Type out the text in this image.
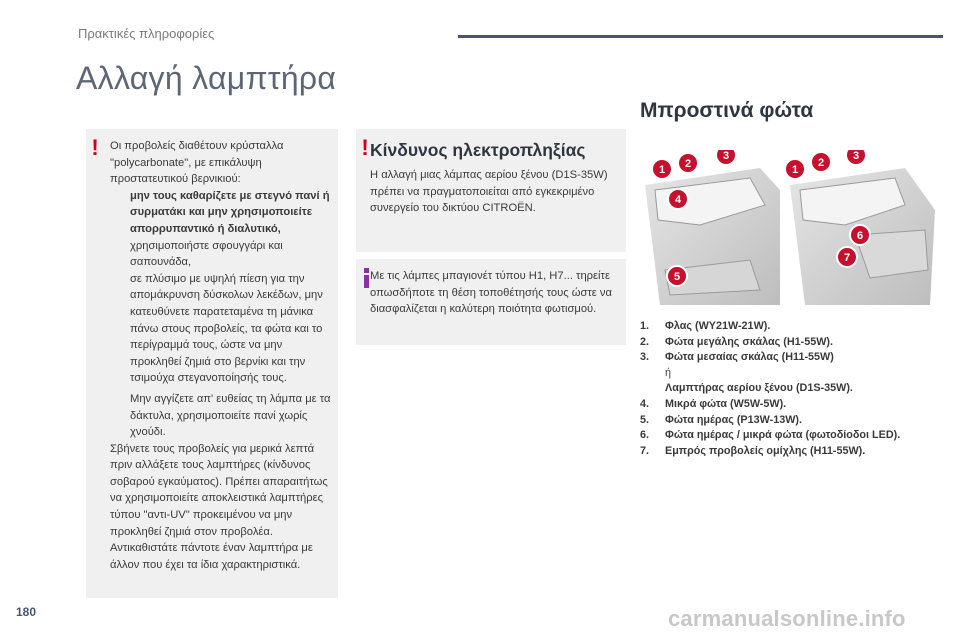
Πρακτικές πληροφορίες
Αλλαγή λαμπτήρα
Μπροστινά φώτα
! Οι προβολείς διαθέτουν κρύσταλλα "polycarbonate", με επικάλυψη προστατευτικού βερνικιού:
μην τους καθαρίζετε με στεγνό πανί ή συρματάκι και μην χρησιμοποιείτε απορρυπαντικό ή διαλυτικό,
χρησιμοποιήστε σφουγγάρι και σαπουνάδα,
σε πλύσιμο με υψηλή πίεση για την απομάκρυνση δύσκολων λεκέδων, μην κατευθύνετε παρατεταμένα τη μάνικα πάνω στους προβολείς, τα φώτα και το περίγραμμά τους, ώστε να μην προκληθεί ζημιά στο βερνίκι και την τσιμούχα στεγανοποίησής τους.
Μην αγγίζετε απ' ευθείας τη λάμπα με τα δάκτυλα, χρησιμοποιείτε πανί χωρίς χνούδι.
Σβήνετε τους προβολείς για μερικά λεπτά πριν αλλάξετε τους λαμπτήρες (κίνδυνος σοβαρού εγκαύματος). Πρέπει απαραιτήτως να χρησιμοποιείτε αποκλειστικά λαμπτήρες τύπου "αντι-UV" προκειμένου να μην προκληθεί ζημιά στον προβολέα. Αντικαθιστάτε πάντοτε έναν λαμπτήρα με άλλον που έχει τα ίδια χαρακτηριστικά.
! Κίνδυνος ηλεκτροπληξίας
Η αλλαγή μιας λάμπας αερίου ξένου (D1S-35W) πρέπει να πραγματοποιείται από εγκεκριμένο συνεργείο του δικτύου CITROËN.
Με τις λάμπες μπαγιονέτ τύπου H1, H7... τηρείτε οπωσδήποτε τη θέση τοποθέτησής τους ώστε να διασφαλίζεται η καλύτερη ποιότητα φωτισμού.
1 2
3
4
5
1
2
3
6
7
1. Φλας (WY21W-21W).
2. Φώτα μεγάλης σκάλας (H1-55W).
3. Φώτα μεσαίας σκάλας (H11-55W)
ή
Λαμπτήρας αερίου ξένου (D1S-35W).
4. Μικρά φώτα (W5W-5W).
5. Φώτα ημέρας (P13W-13W).
6. Φώτα ημέρας / μικρά φώτα (φωτοδίοδοι LED).
7. Εμπρός προβολείς ομίχλης (H11-55W).
180	carmanualsonline.info
